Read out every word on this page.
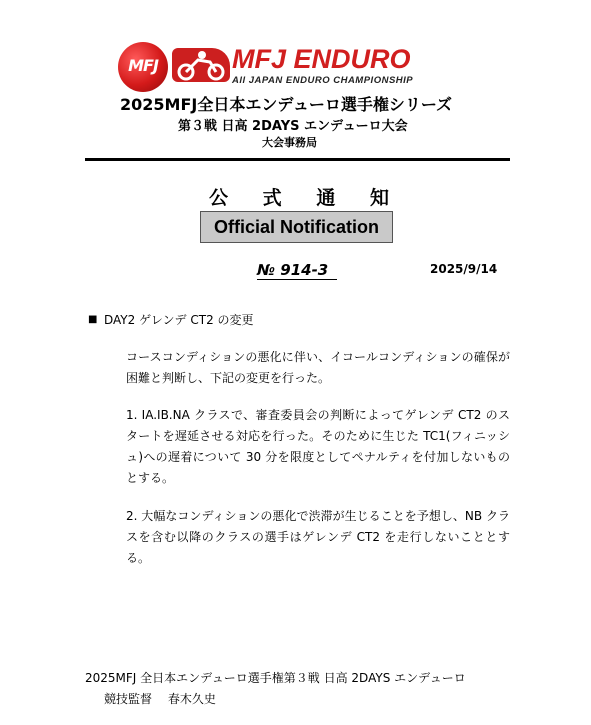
MFJ	MFJ ENDURO
All JAPAN ENDURO CHAMPIONSHIP
2025MFJ全日本エンデューロ選手権シリーズ
第３戦 日高 2DAYS エンデューロ大会
大会事務局
公 式 通 知
Official Notification
№ 914-3	2025/9/14
■ DAY2 ゲレンデ CT2 の変更
コースコンディションの悪化に伴い、イコールコンディションの確保が困難と判断し、下記の変更を行った。
1. IA.IB.NA クラスで、審査委員会の判断によってゲレンデ CT2 のスタートを遅延させる対応を行った。そのために生じた TC1(フィニッシュ)への遅着について 30 分を限度としてペナルティを付加しないものとする。
2. 大幅なコンディションの悪化で渋滞が生じることを予想し、NB クラスを含む以降のクラスの選手はゲレンデ CT2 を走行しないこととする。
2025MFJ 全日本エンデューロ選手権第３戦 日高 2DAYS エンデューロ
競技監督　 春木久史
